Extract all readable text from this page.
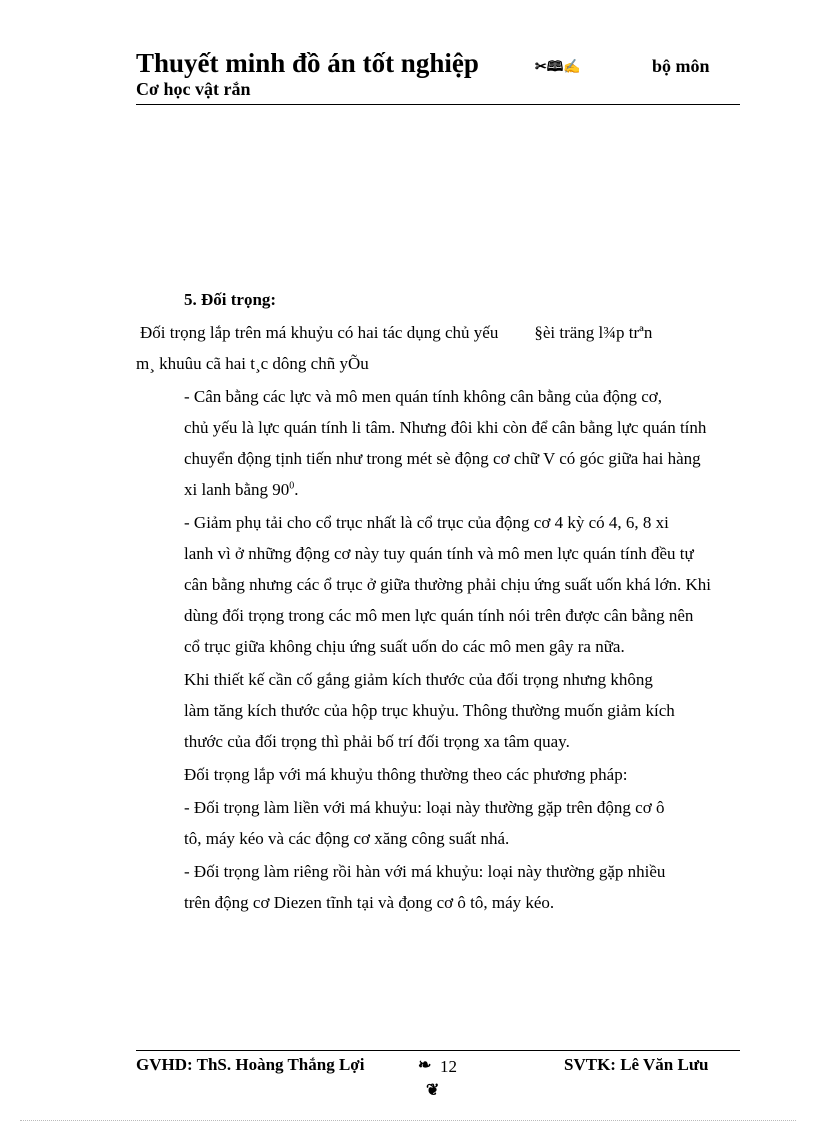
Thuyết minh đồ án tốt nghiệp	✂🕮✍	bộ môn
Cơ học vật rắn
5. Đối trọng:
Đối trọng lắp trên má khuỷu có hai tác dụng chủ yếu §èi träng l¾p trªn
m¸ khuûu cã hai t¸c dông chñ yÕu
- Cân bằng các lực và mô men quán tính không cân bằng của động cơ,
chủ yếu là lực quán tính li tâm. Nhưng đôi khi còn để cân bằng lực quán tính
chuyển động tịnh tiến như trong mét sè động cơ chữ V có góc giữa hai hàng
xi lanh bằng $90^0$.
- Giảm phụ tải cho cổ trục nhất là cổ trục của động cơ 4 kỳ có 4, 6, 8 xi
lanh vì ở những động cơ này tuy quán tính và mô men lực quán tính đều tự
cân bằng nhưng các ổ trục ở giữa thường phải chịu ứng suất uốn khá lớn. Khi
dùng đối trọng trong các mô men lực quán tính nói trên được cân bằng nên
cổ trục giữa không chịu ứng suất uốn do các mô men gây ra nữa.
Khi thiết kế cần cố gắng giảm kích thước của đối trọng nhưng không
làm tăng kích thước của hộp trục khuỷu. Thông thường muốn giảm kích
thước của đối trọng thì phải bố trí đối trọng xa tâm quay.
Đối trọng lắp với má khuỷu thông thường theo các phương pháp:
- Đối trọng làm liền với má khuỷu: loại này thường gặp trên động cơ ô
tô, máy kéo và các động cơ xăng công suất nhá.
- Đối trọng làm riêng rồi hàn với má khuỷu: loại này thường gặp nhiều
trên động cơ Diezen tĩnh tại và đ̣ong cơ ô tô, máy kéo.
GVHD: ThS. Hoàng Thắng Lợi	❧ 12	SVTK: Lê Văn Lưu
❦
